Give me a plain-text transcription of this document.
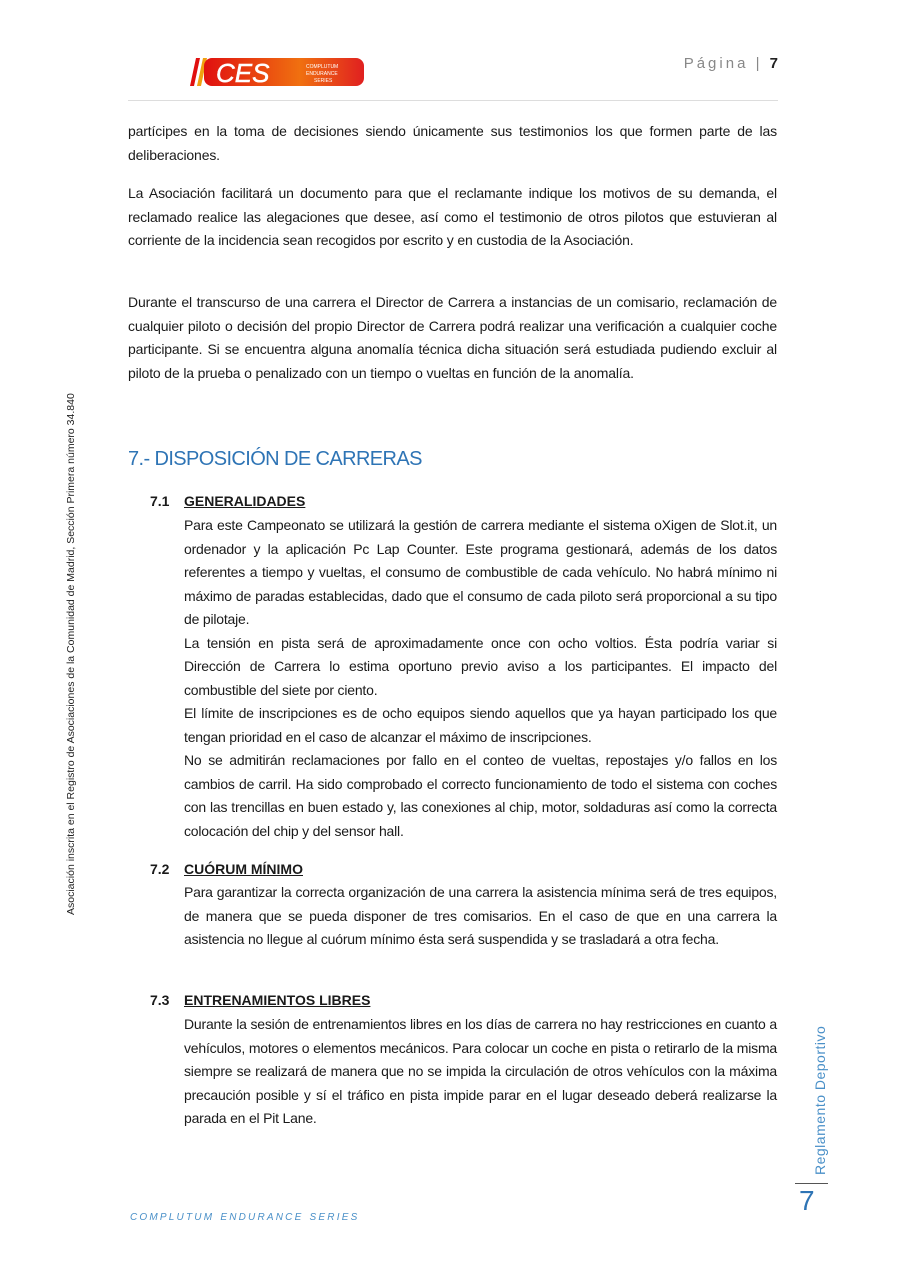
CES	COMPLUTUM
ENDURANCE
SERIES
Página | 7
Asociación inscrita en el Registro de Asociaciones de la Comunidad de Madrid, Sección Primera número 34.840

partícipes en la toma de decisiones siendo únicamente sus testimonios los que formen parte de las deliberaciones.

La Asociación facilitará un documento para que el reclamante indique los motivos de su demanda, el reclamado realice las alegaciones que desee, así como el testimonio de otros pilotos que estuvieran al corriente de la incidencia sean recogidos por escrito y en custodia de la Asociación.

Durante el transcurso de una carrera el Director de Carrera a instancias de un comisario, reclamación de cualquier piloto o decisión del propio Director de Carrera podrá realizar una verificación a cualquier coche participante. Si se encuentra alguna anomalía técnica dicha situación será estudiada pudiendo excluir al piloto de la prueba o penalizado con un tiempo o vueltas en función de la anomalía.

7.- DISPOSICIÓN DE CARRERAS
7.1 GENERALIDADES

Para este Campeonato se utilizará la gestión de carrera mediante el sistema oXigen de Slot.it, un ordenador y la aplicación Pc Lap Counter. Este programa gestionará, además de los datos referentes a tiempo y vueltas, el consumo de combustible de cada vehículo. No habrá mínimo ni máximo de paradas establecidas, dado que el consumo de cada piloto será proporcional a su tipo de pilotaje.

La tensión en pista será de aproximadamente once con ocho voltios. Ésta podría variar si Dirección de Carrera lo estima oportuno previo aviso a los participantes. El impacto del combustible del siete por ciento.

El límite de inscripciones es de ocho equipos siendo aquellos que ya hayan participado los que tengan prioridad en el caso de alcanzar el máximo de inscripciones.

No se admitirán reclamaciones por fallo en el conteo de vueltas, repostajes y/o fallos en los cambios de carril. Ha sido comprobado el correcto funcionamiento de todo el sistema con coches con las trencillas en buen estado y, las conexiones al chip, motor, soldaduras así como la correcta colocación del chip y del sensor hall.

7.2 CUÓRUM MÍNIMO

Para garantizar la correcta organización de una carrera la asistencia mínima será de tres equipos, de manera que se pueda disponer de tres comisarios. En el caso de que en una carrera la asistencia no llegue al cuórum mínimo ésta será suspendida y se trasladará a otra fecha.

7.3 ENTRENAMIENTOS LIBRES

Durante la sesión de entrenamientos libres en los días de carrera no hay restricciones en cuanto a vehículos, motores o elementos mecánicos. Para colocar un coche en pista o retirarlo de la misma siempre se realizará de manera que no se impida la circulación de otros vehículos con la máxima precaución posible y sí el tráfico en pista impide parar en el lugar deseado deberá realizarse la parada en el Pit Lane.	Reglamento Deportivo
7
complutum endurance series
